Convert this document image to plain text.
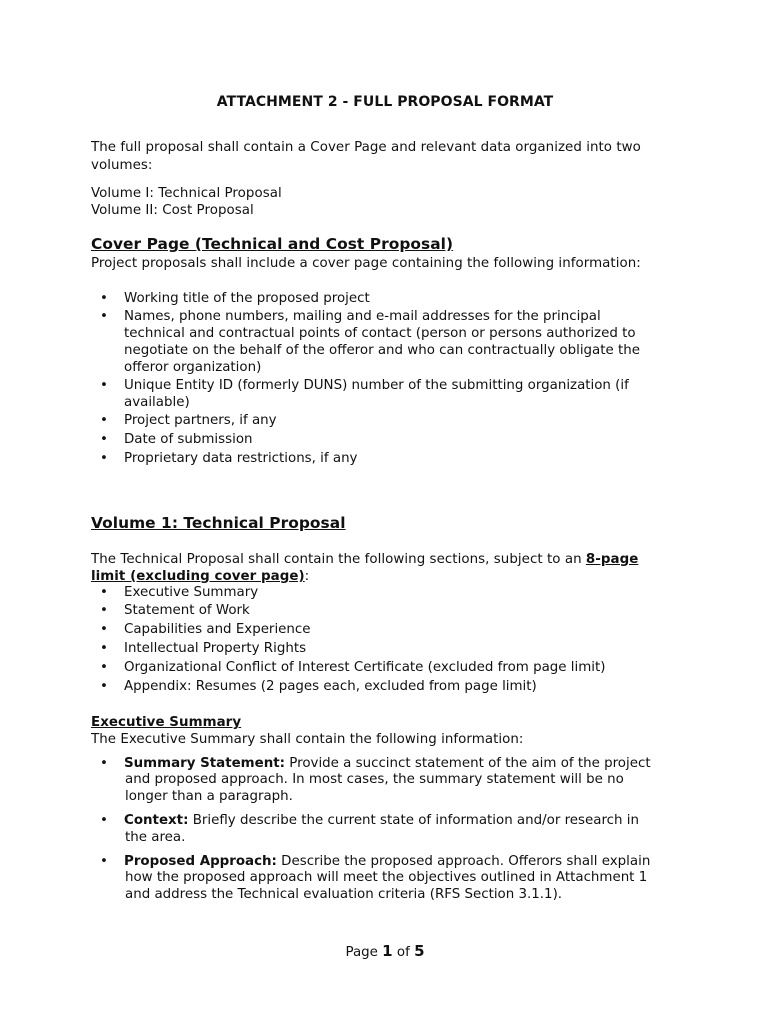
ATTACHMENT 2 - FULL PROPOSAL FORMAT
The full proposal shall contain a Cover Page and relevant data organized into two
volumes:
Volume I: Technical Proposal
Volume II: Cost Proposal
Cover Page (Technical and Cost Proposal)
Project proposals shall include a cover page containing the following information:
•	Working title of the proposed project
•	Names, phone numbers, mailing and e-mail addresses for the principal
technical and contractual points of contact (person or persons authorized to
negotiate on the behalf of the offeror and who can contractually obligate the
offeror organization)
•	Unique Entity ID (formerly DUNS) number of the submitting organization (if
available)
•	Project partners, if any
•	Date of submission
•	Proprietary data restrictions, if any
Volume 1: Technical Proposal
The Technical Proposal shall contain the following sections, subject to an 8-page
limit (excluding cover page):
•	Executive Summary
•	Statement of Work
•	Capabilities and Experience
•	Intellectual Property Rights
•	Organizational Conflict of Interest Certificate (excluded from page limit)
•	Appendix: Resumes (2 pages each, excluded from page limit)
Executive Summary
The Executive Summary shall contain the following information:
•	Summary Statement: Provide a succinct statement of the aim of the project
and proposed approach. In most cases, the summary statement will be no
longer than a paragraph.
•	Context: Briefly describe the current state of information and/or research in
the area.
•	Proposed Approach: Describe the proposed approach. Offerors shall explain
how the proposed approach will meet the objectives outlined in Attachment 1
and address the Technical evaluation criteria (RFS Section 3.1.1).
Page 1 of 5
